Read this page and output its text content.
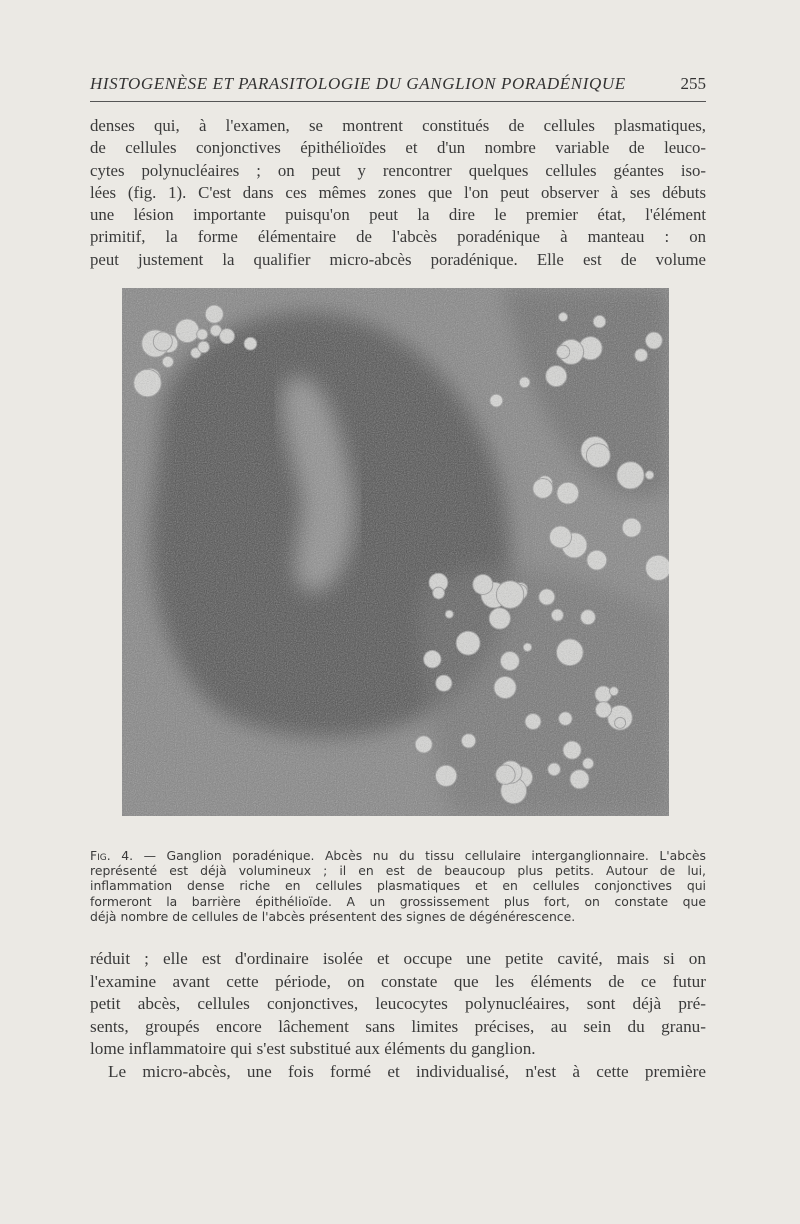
HISTOGENÈSE ET PARASITOLOGIE DU GANGLION PORADÉNIQUE	255

denses qui, à l'examen, se montrent constitués de cellules plasmatiques,
de cellules conjonctives épithélioïdes et d'un nombre variable de leuco-
cytes polynucléaires ; on peut y rencontrer quelques cellules géantes iso-
lées (fig. 1). C'est dans ces mêmes zones que l'on peut observer à ses débuts
une lésion importante puisqu'on peut la dire le premier état, l'élément
primitif, la forme élémentaire de l'abcès poradénique à manteau : on
peut justement la qualifier micro-abcès poradénique. Elle est de volume

Fig. 4. — Ganglion poradénique. Abcès nu du tissu cellulaire interganglionnaire. L'abcès
représenté est déjà volumineux ; il en est de beaucoup plus petits. Autour de lui,
inflammation dense riche en cellules plasmatiques et en cellules conjonctives qui
formeront la barrière épithélioïde. A un grossissement plus fort, on constate que
déjà nombre de cellules de l'abcès présentent des signes de dégénérescence.

réduit ; elle est d'ordinaire isolée et occupe une petite cavité, mais si on
l'examine avant cette période, on constate que les éléments de ce futur
petit abcès, cellules conjonctives, leucocytes polynucléaires, sont déjà pré-
sents, groupés encore lâchement sans limites précises, au sein du granu-
lome inflammatoire qui s'est substitué aux éléments du ganglion.
Le micro-abcès, une fois formé et individualisé, n'est à cette première
